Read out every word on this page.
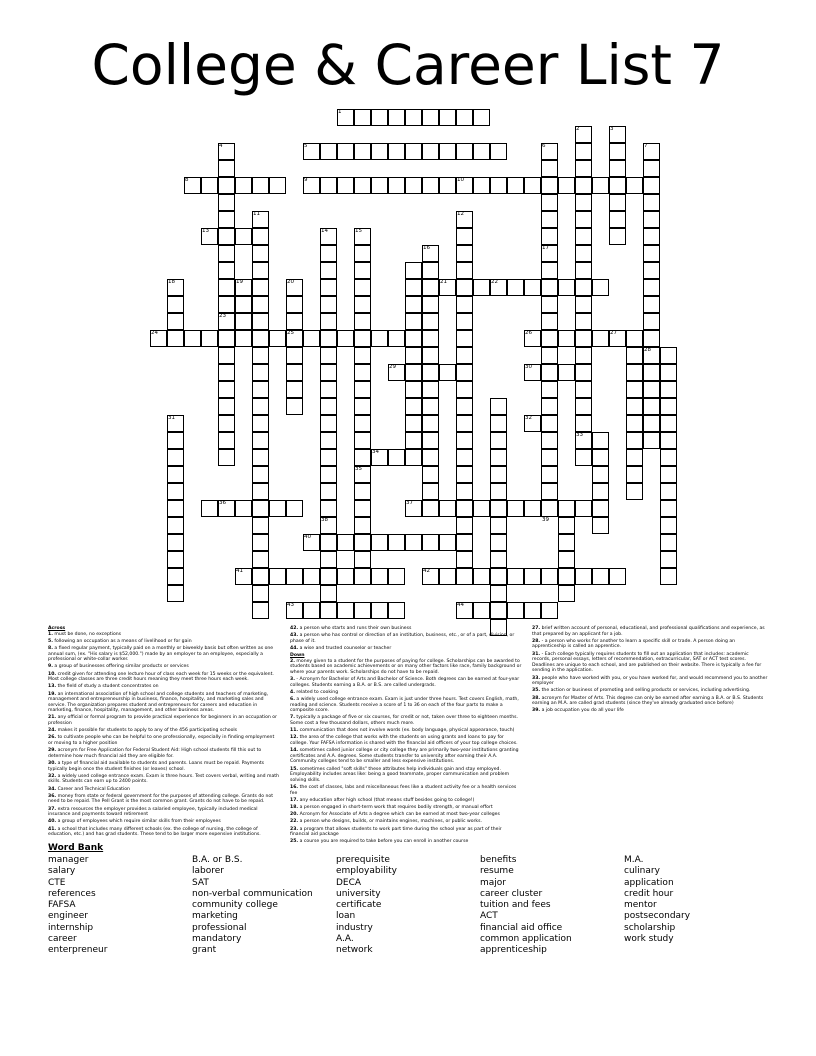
College & Career List 7
1
2	3
4	5	6	7
8	9	10
11	12
13	14	15
16	17
18	19	20	21	22
23
24	25	26	27
28
29	30
31	32
33
34
35
36	37
38	39
40
41	42
43	44
Across
1. must be done, no exceptions
5. following an occupation as a means of livelihood or for gain
8. a fixed regular payment, typically paid on a monthly or biweekly basis but often written as one annual sum, (ex. "His salary is $52,000.") made by an employer to an employee, especially a professional or white-collar worker.
9. a group of businesses offering similar products or services
10. credit given for attending one lecture hour of class each week for 15 weeks or the equivalent. Most college classes are three credit hours meaning they meet three hours each week.
13. the field of study a student concentrates on
19. an international association of high school and college students and teachers of marketing, management and entrepreneurship in business, finance, hospitality, and marketing sales and service. The organization prepares student and entrepreneurs for careers and education in marketing, finance, hospitality, management, and other business areas.
21. any official or formal program to provide practical experience for beginners in an occupation or profession
24. makes it possible for students to apply to any of the 456 participating schools
26. to cultivate people who can be helpful to one professionally, especially in finding employment or moving to a higher position
29. acronym for Free Application for Federal Student Aid: High school students fill this out to determine how much financial aid they are eligible for.
30. a type of financial aid available to students and parents. Loans must be repaid. Payments typically begin once the student finishes (or leaves) school.
32. a widely used college entrance exam. Exam is three hours. Test covers verbal, writing and math skills. Students can earn up to 2400 points.
34. Career and Technical Education
36. money from state or federal government for the purposes of attending college. Grants do not need to be repaid. The Pell Grant is the most common grant. Grants do not have to be repaid.
37. extra resources the employer provides a salaried employee, typically included medical insurance and payments toward retirement
40. a group of employees which require similar skills from their employees
41. a school that includes many different schools (ex. the college of nursing, the college of education, etc.) and has grad students. These tend to be larger more expensive institutions.
42. a person who starts and runs their own business
43. a person who has control or direction of an institution, business, etc., or of a part, division, or phase of it.
44. a wise and trusted counselor or teacher
Down
2. money given to a student for the purposes of paying for college. Scholarships can be awarded to students based on academic achievements or on many other factors like race, family background or where your parents work. Scholarships do not have to be repaid.
3. - Acronym for Bachelor of Arts and Bachelor of Science. Both degrees can be earned at four-year colleges. Students earning a B.A. or B.S. are called undergrads.
4. related to cooking
6. a widely used college entrance exam. Exam is just under three hours. Test covers English, math, reading and science. Students receive a score of 1 to 36 on each of the four parts to make a composite score.
7. typically a package of five or six courses, for credit or not, taken over three to eighteen months. Some cost a few thousand dollars, others much more.
11. communication that does not involve words (ex. body language, physical appearance, touch)
12. the area of the college that works with the students on using grants and loans to pay for college. Your FAFSA information is shared with the financial aid officers of your top college choices.
14. sometimes called junior college or city college they are primarily two-year institutions granting certificates and A.A. degrees. Some students transfer to university after earning their A.A. Community colleges tend to be smaller and less expensive institutions.
15. sometimes called "soft skills" these attributes help individuals gain and stay employed. Employability includes areas like: being a good teammate, proper communication and problem solving skills.
16. the cost of classes, labs and miscellaneous fees like a student activity fee or a health services fee
17. any education after high school (that means stuff besides going to college!)
18. a person engaged in short-term work that requires bodily strength, or manual effort
20. Acronym for Associate of Arts a degree which can be earned at most two-year colleges
22. a person who designs, builds, or maintains engines, machines, or public works.
23. a program that allows students to work part time during the school year as part of their financial aid package
25. a course you are required to take before you can enroll in another course
27. brief written account of personal, educational, and professional qualifications and experience, as that prepared by an applicant for a job.
28. - a person who works for another to learn a specific skill or trade. A person doing an apprenticeship is called an apprentice.
31. - Each college typically requires students to fill out an application that includes: academic records, personal essays, letters of recommendation, extracurricular, SAT or ACT test scores. Deadlines are unique to each school, and are published on their website. There is typically a fee for sending in the application.
33. people who have worked with you, or you have worked for, and would recommend you to another employer
35. the action or business of promoting and selling products or services, including advertising.
38. acronym for Master of Arts. This degree can only be earned after earning a B.A. or B.S. Students earning an M.A. are called grad students (since they've already graduated once before)
39. a job occupation you do all your life
Word Bank
manager
salary
CTE
references
FAFSA
engineer
internship
career
enterpreneur
B.A. or B.S.
laborer
SAT
non-verbal communication
community college
marketing
professional
mandatory
grant
prerequisite
employability
DECA
university
certificate
loan
industry
A.A.
network
benefits
resume
major
career cluster
tuition and fees
ACT
financial aid office
common application
apprenticeship
M.A.
culinary
application
credit hour
mentor
postsecondary
scholarship
work study
